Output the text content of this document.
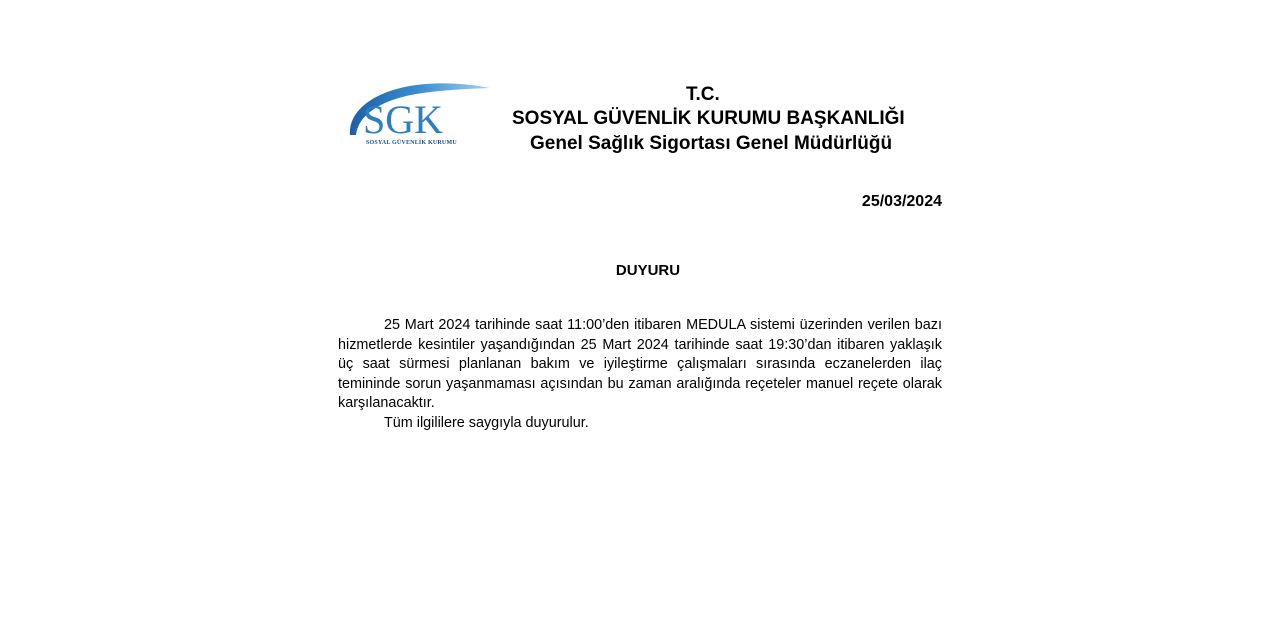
SGK
SOSYAL GÜVENLİK KURUMU
T.C.
SOSYAL GÜVENLİK KURUMU BAŞKANLIĞI
Genel Sağlık Sigortası Genel Müdürlüğü
25/03/2024
DUYURU

25 Mart 2024 tarihinde saat 11:00’den itibaren MEDULA sistemi üzerinden verilen bazı hizmetlerde kesintiler yaşandığından 25 Mart 2024 tarihinde saat 19:30’dan itibaren yaklaşık üç saat sürmesi planlanan bakım ve iyileştirme çalışmaları sırasında eczanelerden ilaç temininde sorun yaşanmaması açısından bu zaman aralığında reçeteler manuel reçete olarak karşılanacaktır.

Tüm ilgililere saygıyla duyurulur.
